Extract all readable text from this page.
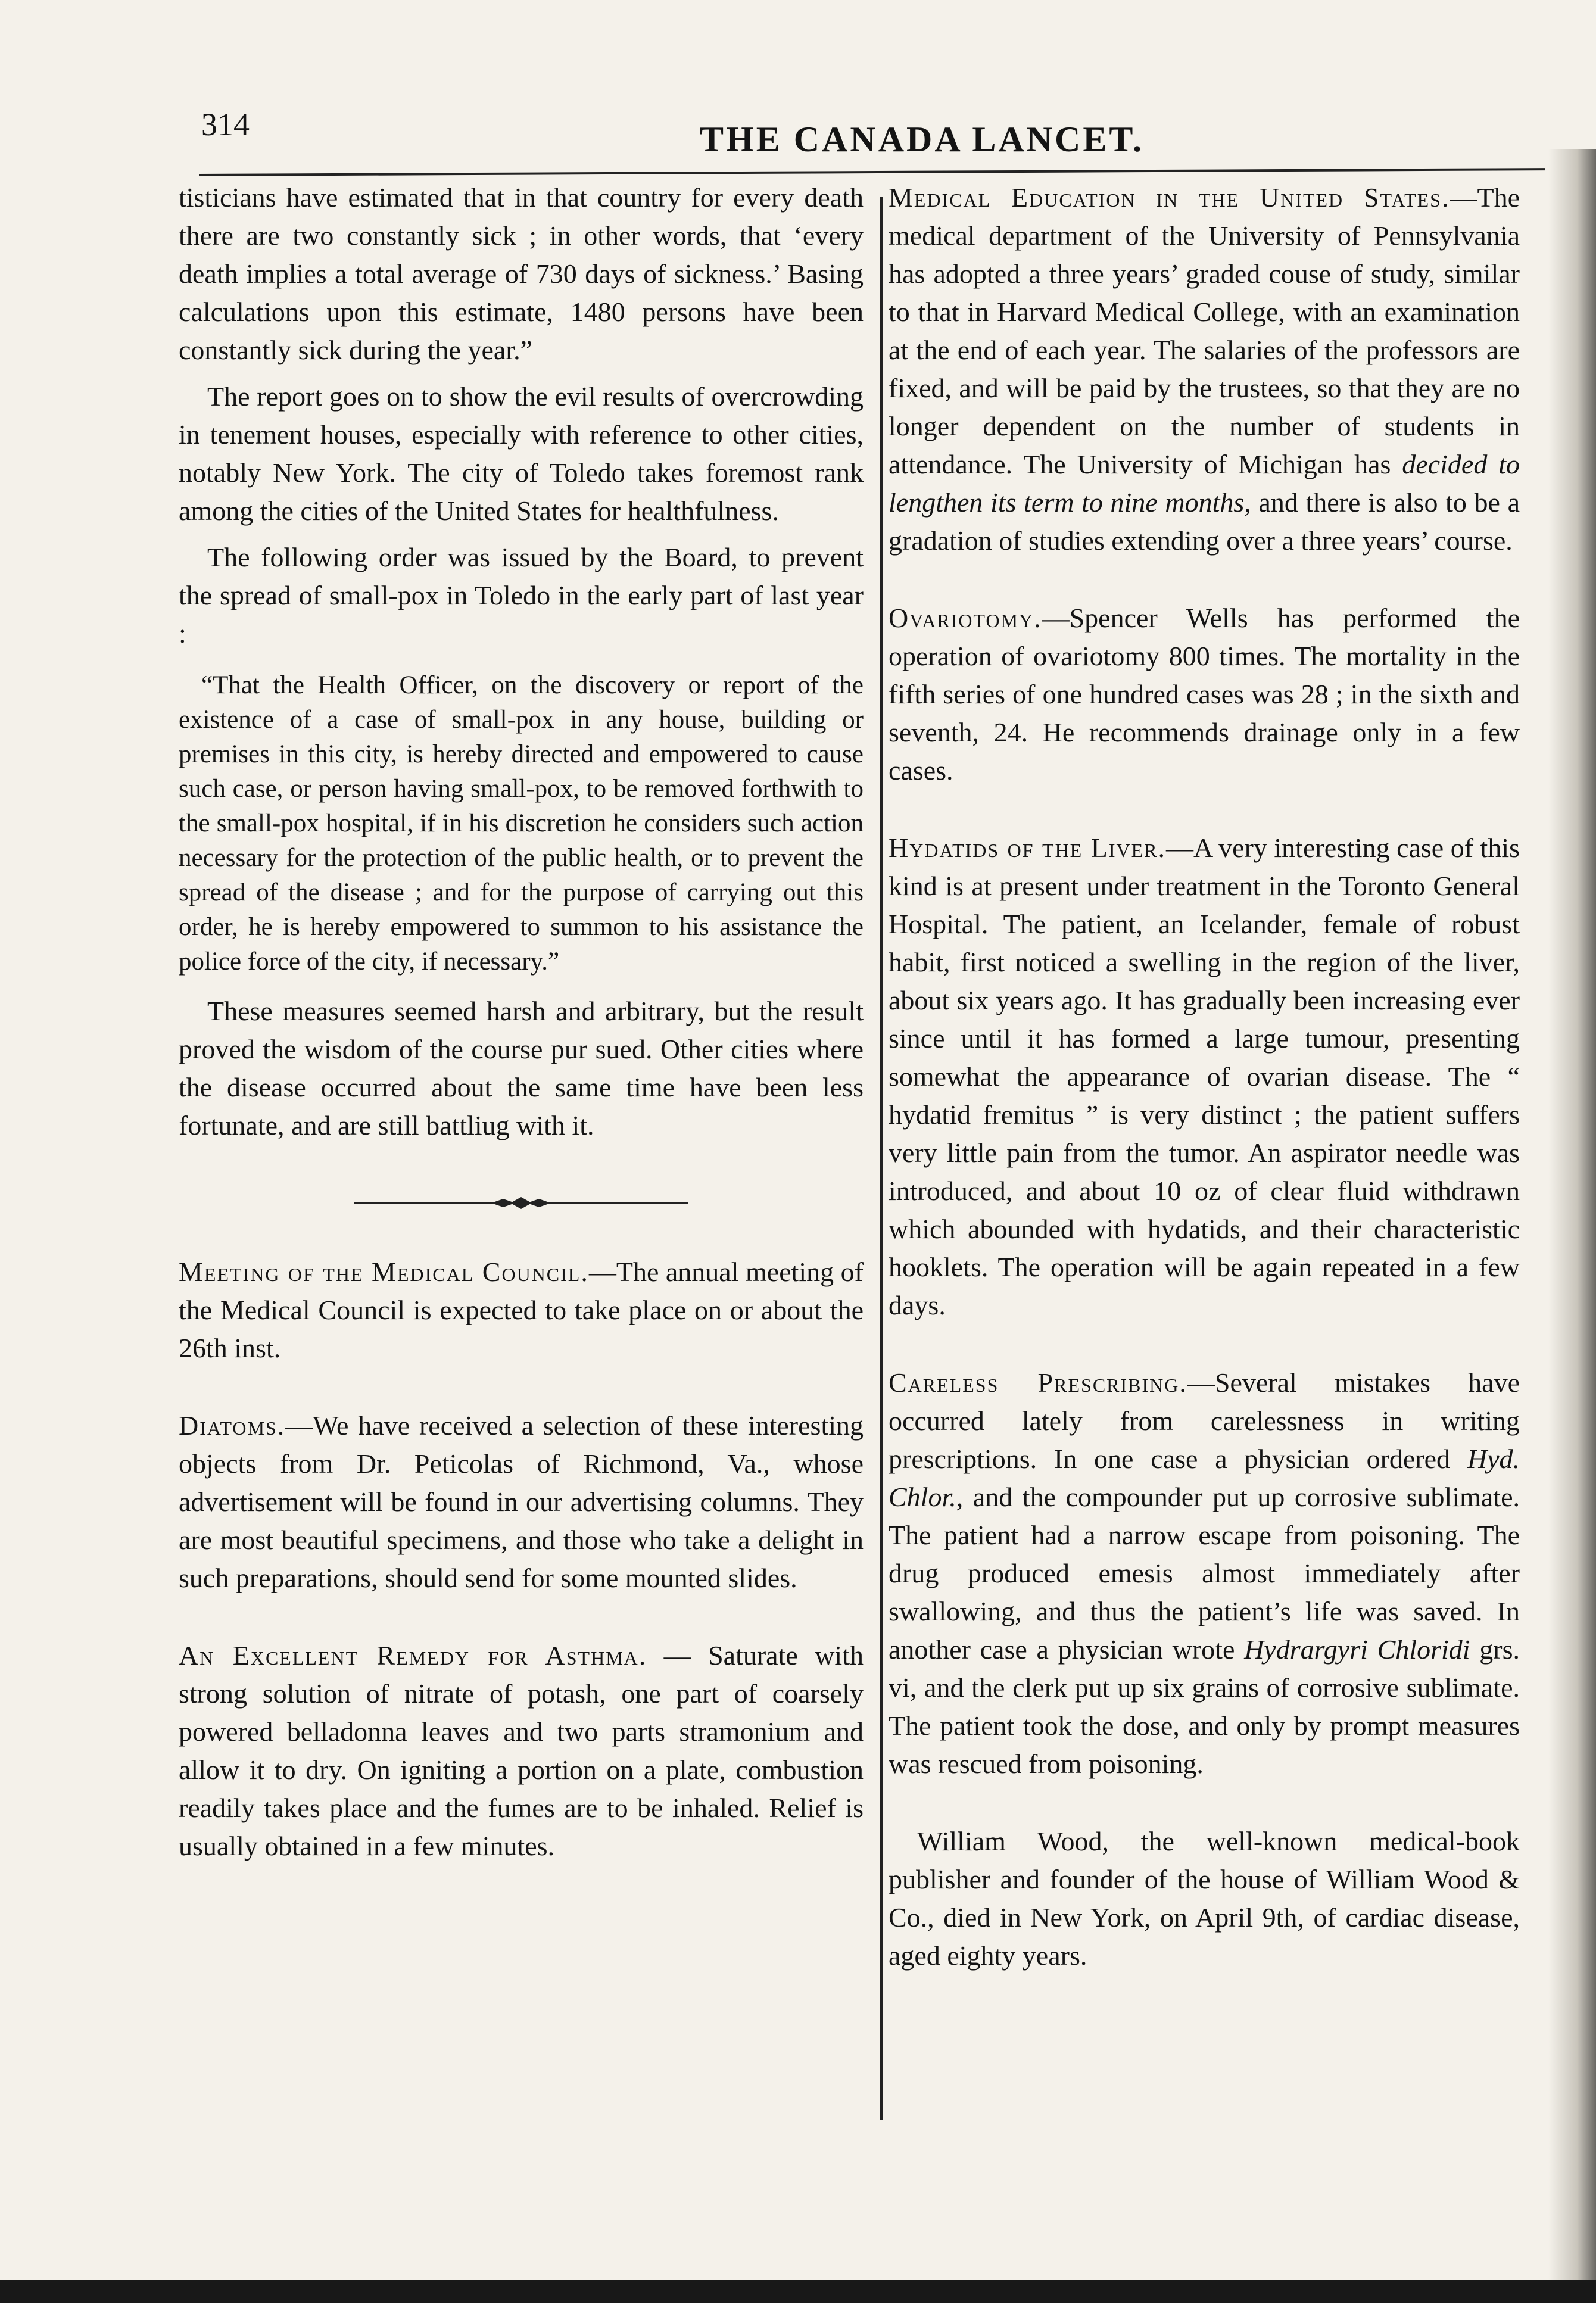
314	THE CANADA LANCET.

tisticians have estimated that in that country for every death there are two constantly sick ; in other words, that ‘every death implies a total average of 730 days of sickness.’ Basing calculations upon this estimate, 1480 persons have been constantly sick during the year.”

The report goes on to show the evil results of overcrowding in tenement houses, especially with reference to other cities, notably New York. The city of Toledo takes foremost rank among the cities of the United States for healthfulness.

The following order was issued by the Board, to prevent the spread of small-pox in Toledo in the early part of last year :

“That the Health Officer, on the discovery or report of the existence of a case of small-pox in any house, building or premises in this city, is hereby directed and empowered to cause such case, or person having small-pox, to be removed forthwith to the small-pox hospital, if in his discretion he considers such action necessary for the protection of the public health, or to prevent the spread of the disease ; and for the purpose of carrying out this order, he is hereby empowered to summon to his assistance the police force of the city, if necessary.”

These measures seemed harsh and arbitrary, but the result proved the wisdom of the course pur sued. Other cities where the disease occurred about the same time have been less fortunate, and are still battliug with it.

Meeting of the Medical Council.—The annual meeting of the Medical Council is expected to take place on or about the 26th inst.

Diatoms.—We have received a selection of these interesting objects from Dr. Peticolas of Richmond, Va., whose advertisement will be found in our advertising columns. They are most beautiful specimens, and those who take a delight in such preparations, should send for some mounted slides.

An Excellent Remedy for Asthma. — Saturate with strong solution of nitrate of potash, one part of coarsely powered belladonna leaves and two parts stramonium and allow it to dry. On igniting a portion on a plate, combustion readily takes place and the fumes are to be inhaled. Relief is usually obtained in a few minutes.

Medical Education in the United States.—The medical department of the University of Pennsylvania has adopted a three years’ graded couse of study, similar to that in Harvard Medical College, with an examination at the end of each year. The salaries of the professors are fixed, and will be paid by the trustees, so that they are no longer dependent on the number of students in attendance. The University of Michigan has decided to lengthen its term to nine months, and there is also to be a gradation of studies extending over a three years’ course.

Ovariotomy.—Spencer Wells has performed the operation of ovariotomy 800 times. The mortality in the fifth series of one hundred cases was 28 ; in the sixth and seventh, 24. He recommends drainage only in a few cases.

Hydatids of the Liver.—A very interesting case of this kind is at present under treatment in the Toronto General Hospital. The patient, an Icelander, female of robust habit, first noticed a swelling in the region of the liver, about six years ago. It has gradually been increasing ever since until it has formed a large tumour, presenting somewhat the appearance of ovarian disease. The “ hydatid fremitus ” is very distinct ; the patient suffers very little pain from the tumor. An aspirator needle was introduced, and about 10 oz of clear fluid withdrawn which abounded with hydatids, and their characteristic hooklets. The operation will be again repeated in a few days.

Careless Prescribing.—Several mistakes have occurred lately from carelessness in writing prescriptions. In one case a physician ordered Hyd. Chlor., and the compounder put up corrosive sublimate. The patient had a narrow escape from poisoning. The drug produced emesis almost immediately after swallowing, and thus the patient’s life was saved. In another case a physician wrote Hydrargyri Chloridi grs. vi, and the clerk put up six grains of corrosive sublimate. The patient took the dose, and only by prompt measures was rescued from poisoning.

William Wood, the well-known medical-book publisher and founder of the house of William Wood & Co., died in New York, on April 9th, of cardiac disease, aged eighty years.
